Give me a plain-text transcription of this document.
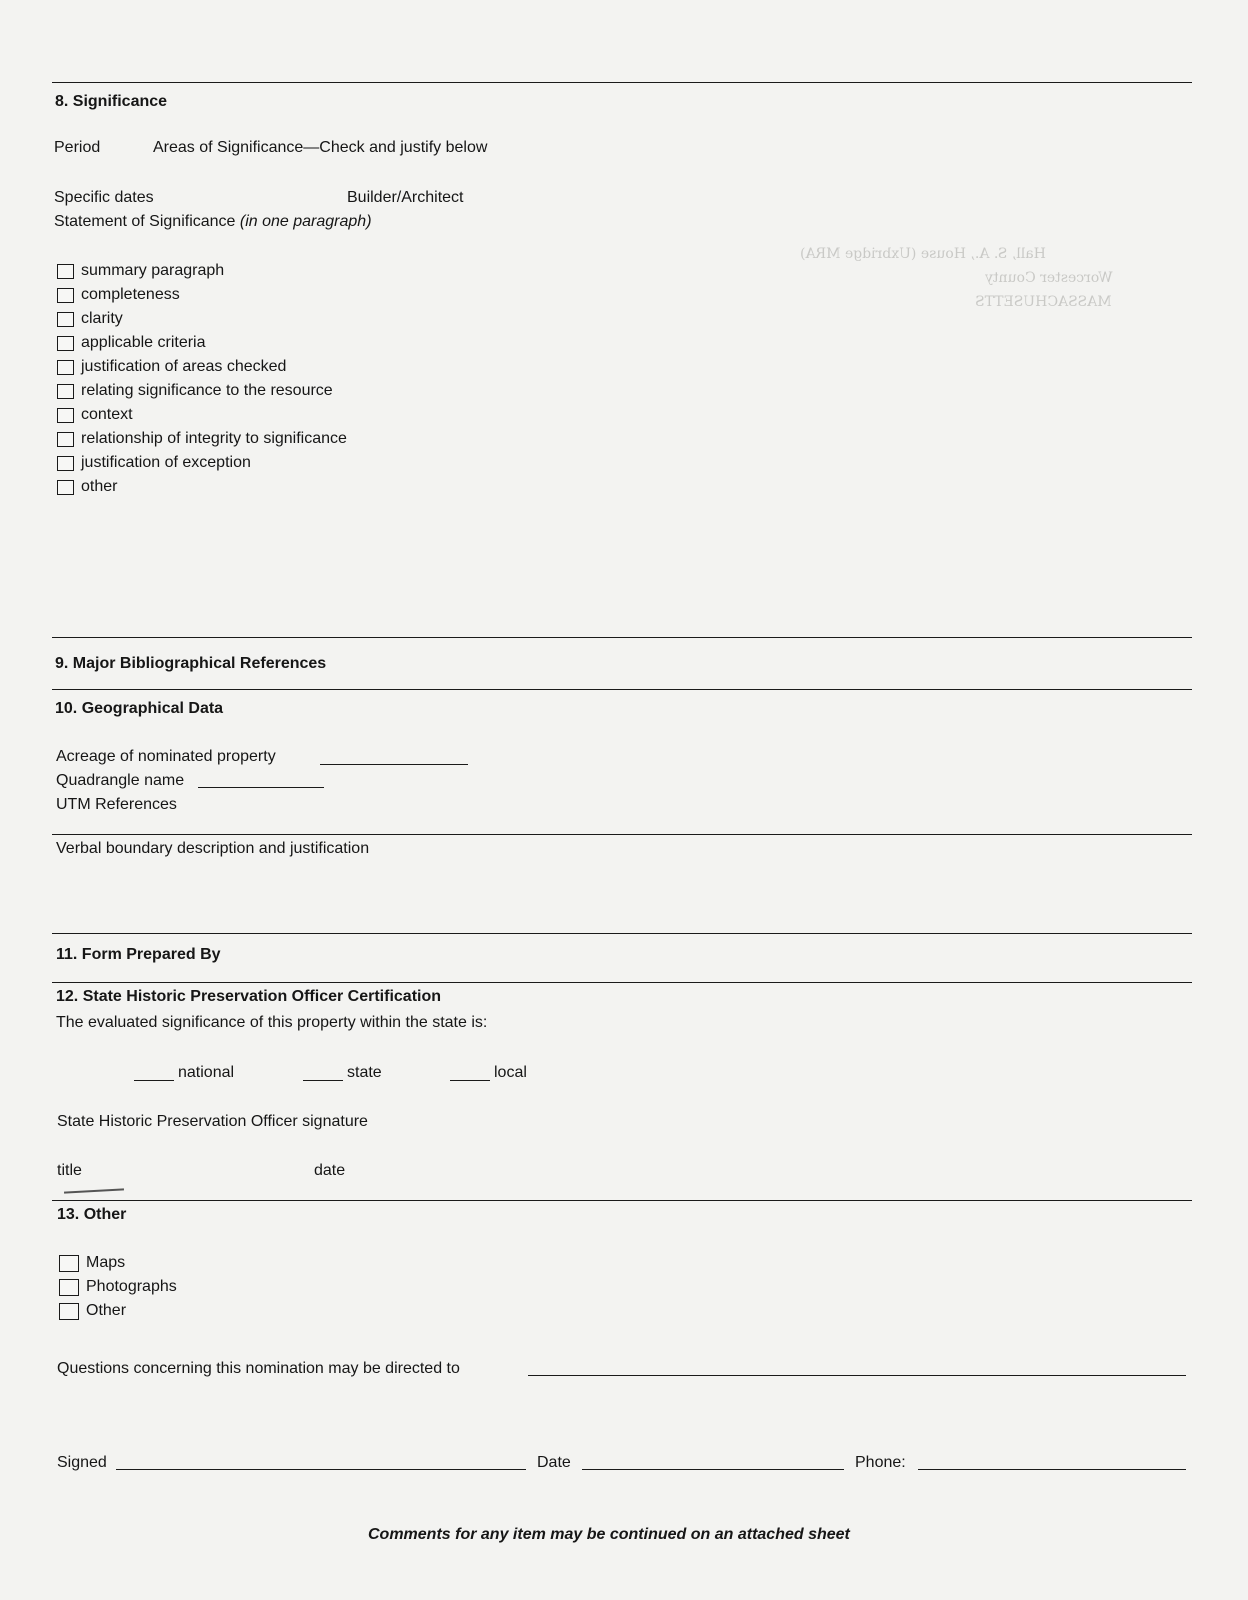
Hall, S. A., House (Uxbridge MRA)
Worcester County
MASSACHUSETTS
8. Significance
Period	Areas of Significance—Check and justify below
Specific dates	Builder/Architect
Statement of Significance (in one paragraph)
summary paragraph
completeness
clarity
applicable criteria
justification of areas checked
relating significance to the resource
context
relationship of integrity to significance
justification of exception
other
9. Major Bibliographical References
10. Geographical Data
Acreage of nominated property
Quadrangle name
UTM References
Verbal boundary description and justification
11. Form Prepared By
12. State Historic Preservation Officer Certification
The evaluated significance of this property within the state is:
national	state	local
State Historic Preservation Officer signature
title	date
13. Other
Maps
Photographs
Other
Questions concerning this nomination may be directed to
Signed	Date	Phone:
Comments for any item may be continued on an attached sheet
